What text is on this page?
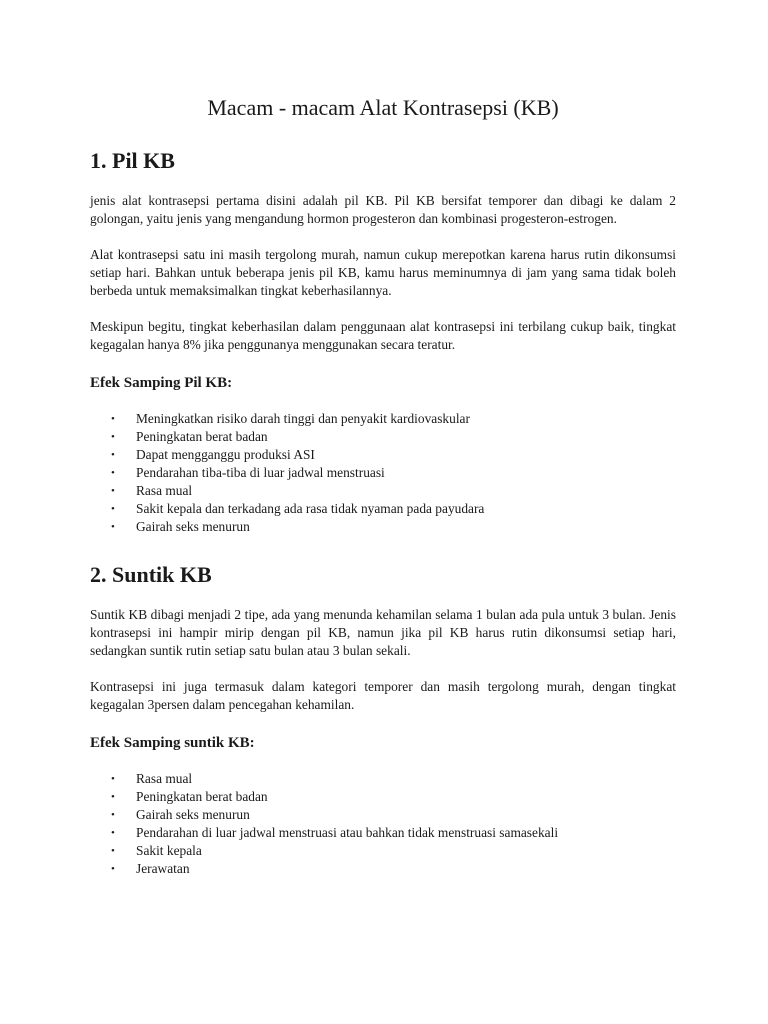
Macam - macam Alat Kontrasepsi (KB)
1. Pil KB

jenis alat kontrasepsi pertama disini adalah pil KB. Pil KB bersifat temporer dan dibagi ke dalam 2 golongan, yaitu jenis yang mengandung hormon progesteron dan kombinasi progesteron-estrogen.

Alat kontrasepsi satu ini masih tergolong murah, namun cukup merepotkan karena harus rutin dikonsumsi setiap hari. Bahkan untuk beberapa jenis pil KB, kamu harus meminumnya di jam yang sama tidak boleh berbeda untuk memaksimalkan tingkat keberhasilannya.

Meskipun begitu, tingkat keberhasilan dalam penggunaan alat kontrasepsi ini terbilang cukup baik, tingkat kegagalan hanya 8% jika penggunanya menggunakan secara teratur.

Efek Samping Pil KB:
• Meningkatkan risiko darah tinggi dan penyakit kardiovaskular
• Peningkatan berat badan
• Dapat mengganggu produksi ASI
• Pendarahan tiba-tiba di luar jadwal menstruasi
• Rasa mual
• Sakit kepala dan terkadang ada rasa tidak nyaman pada payudara
• Gairah seks menurun
2. Suntik KB

Suntik KB dibagi menjadi 2 tipe, ada yang menunda kehamilan selama 1 bulan ada pula untuk 3 bulan. Jenis kontrasepsi ini hampir mirip dengan pil KB, namun jika pil KB harus rutin dikonsumsi setiap hari, sedangkan suntik rutin setiap satu bulan atau 3 bulan sekali.

Kontrasepsi ini juga termasuk dalam kategori temporer dan masih tergolong murah, dengan tingkat kegagalan 3persen dalam pencegahan kehamilan.

Efek Samping suntik KB:
• Rasa mual
• Peningkatan berat badan
• Gairah seks menurun
• Pendarahan di luar jadwal menstruasi atau bahkan tidak menstruasi samasekali
• Sakit kepala
• Jerawatan
